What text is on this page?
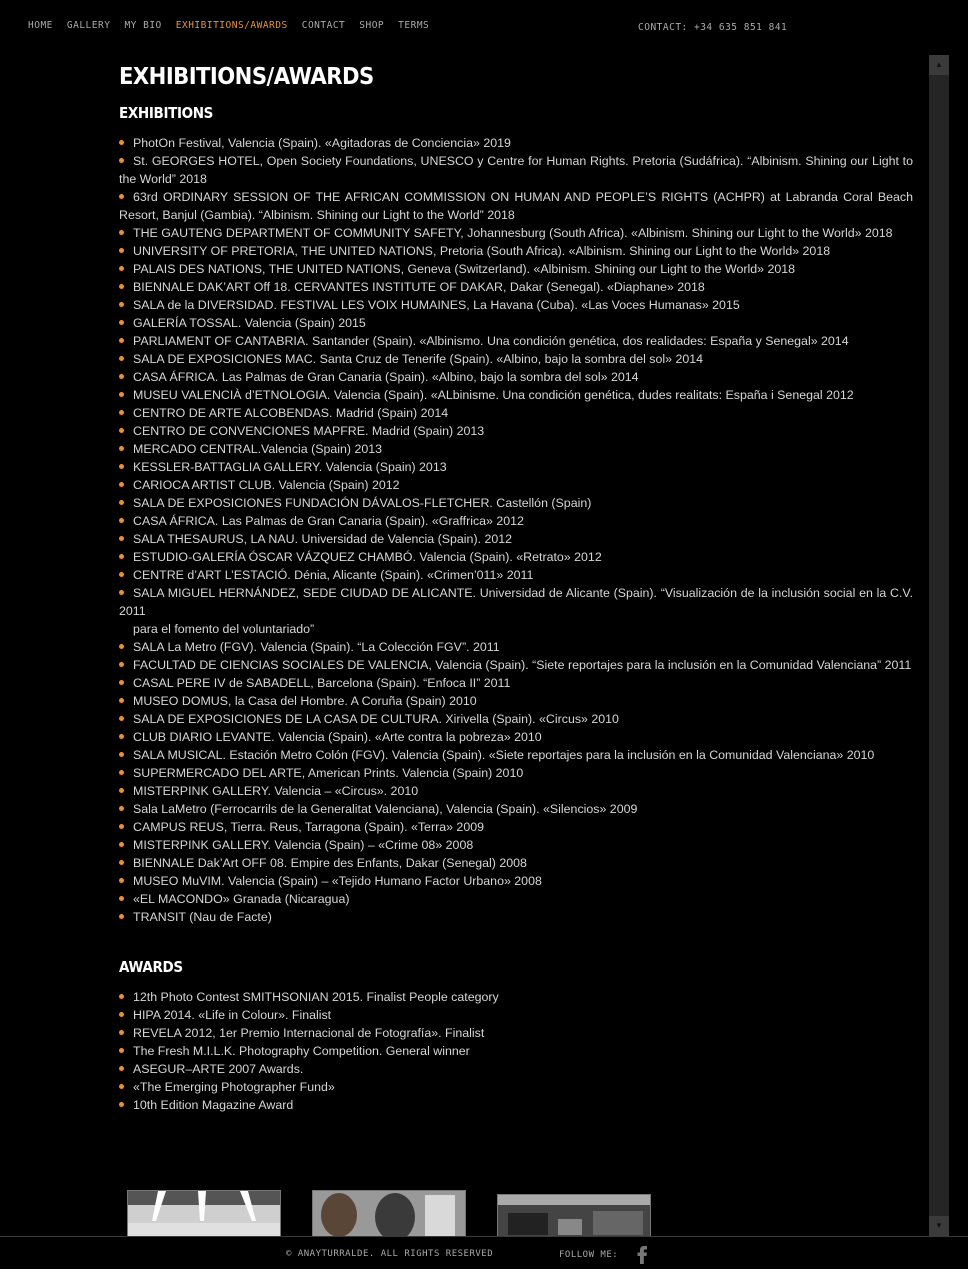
HOME GALLERY MY BIO EXHIBITIONS/AWARDS CONTACT SHOP TERMS	CONTACT: +34 635 851 841
EXHIBITIONS/AWARDS
EXHIBITIONS
PhotOn Festival, Valencia (Spain). «Agitadoras de Conciencia» 2019
St. GEORGES HOTEL, Open Society Foundations, UNESCO y Centre for Human Rights. Pretoria (Sudáfrica). “Albinism. Shining our Light to the World” 2018
63rd ORDINARY SESSION OF THE AFRICAN COMMISSION ON HUMAN AND PEOPLE’S RIGHTS (ACHPR) at Labranda Coral Beach Resort, Banjul (Gambia). “Albinism. Shining our Light to the World” 2018
THE GAUTENG DEPARTMENT OF COMMUNITY SAFETY, Johannesburg (South Africa). «Albinism. Shining our Light to the World» 2018
UNIVERSITY OF PRETORIA, THE UNITED NATIONS, Pretoria (South Africa). «Albinism. Shining our Light to the World» 2018
PALAIS DES NATIONS, THE UNITED NATIONS, Geneva (Switzerland). «Albinism. Shining our Light to the World» 2018
BIENNALE DAK’ART Off 18. CERVANTES INSTITUTE OF DAKAR, Dakar (Senegal). «Diaphane» 2018
SALA de la DIVERSIDAD. FESTIVAL LES VOIX HUMAINES, La Havana (Cuba). «Las Voces Humanas» 2015
GALERÍA TOSSAL. Valencia (Spain) 2015
PARLIAMENT OF CANTABRIA. Santander (Spain). «Albinismo. Una condición genética, dos realidades: España y Senegal» 2014
SALA DE EXPOSICIONES MAC. Santa Cruz de Tenerife (Spain). «Albino, bajo la sombra del sol» 2014
CASA ÁFRICA. Las Palmas de Gran Canaria (Spain). «Albino, bajo la sombra del sol» 2014
MUSEU VALENCIÀ d’ETNOLOGIA. Valencia (Spain). «ALbinisme. Una condición genética, dudes realitats: España i Senegal 2012
CENTRO DE ARTE ALCOBENDAS. Madrid (Spain) 2014
CENTRO DE CONVENCIONES MAPFRE. Madrid (Spain) 2013
MERCADO CENTRAL.Valencia (Spain) 2013
KESSLER-BATTAGLIA GALLERY. Valencia (Spain) 2013
CARIOCA ARTIST CLUB. Valencia (Spain) 2012
SALA DE EXPOSICIONES FUNDACIÓN DÁVALOS-FLETCHER. Castellón (Spain)
CASA ÁFRICA. Las Palmas de Gran Canaria (Spain). «Graffrica» 2012
SALA THESAURUS, LA NAU. Universidad de Valencia (Spain). 2012
ESTUDIO-GALERÍA ÓSCAR VÁZQUEZ CHAMBÓ. Valencia (Spain). «Retrato» 2012
CENTRE d’ART L’ESTACIÓ. Dénia, Alicante (Spain). «Crimen’011» 2011
SALA MIGUEL HERNÁNDEZ, SEDE CIUDAD DE ALICANTE. Universidad de Alicante (Spain). “Visualización de la inclusión social en la C.V. 2011
para el fomento del voluntariado”
SALA La Metro (FGV). Valencia (Spain). “La Colección FGV”. 2011
FACULTAD DE CIENCIAS SOCIALES DE VALENCIA, Valencia (Spain). “Siete reportajes para la inclusión en la Comunidad Valenciana” 2011
CASAL PERE IV de SABADELL, Barcelona (Spain). “Enfoca II” 2011
MUSEO DOMUS, la Casa del Hombre. A Coruña (Spain) 2010
SALA DE EXPOSICIONES DE LA CASA DE CULTURA. Xirivella (Spain). «Circus» 2010
CLUB DIARIO LEVANTE. Valencia (Spain). «Arte contra la pobreza» 2010
SALA MUSICAL. Estación Metro Colón (FGV). Valencia (Spain). «Siete reportajes para la inclusión en la Comunidad Valenciana» 2010
SUPERMERCADO DEL ARTE, American Prints. Valencia (Spain) 2010
MISTERPINK GALLERY. Valencia – «Circus». 2010
Sala LaMetro (Ferrocarrils de la Generalitat Valenciana), Valencia (Spain). «Silencios» 2009
CAMPUS REUS, Tierra. Reus, Tarragona (Spain). «Terra» 2009
MISTERPINK GALLERY. Valencia (Spain) – «Crime 08» 2008
BIENNALE Dak’Art OFF 08. Empire des Enfants, Dakar (Senegal) 2008
MUSEO MuVIM. Valencia (Spain) – «Tejido Humano Factor Urbano» 2008
«EL MACONDO» Granada (Nicaragua)
TRANSIT (Nau de Facte)
AWARDS
12th Photo Contest SMITHSONIAN 2015. Finalist People category
HIPA 2014. «Life in Colour». Finalist
REVELA 2012, 1er Premio Internacional de Fotografía». Finalist
The Fresh M.I.L.K. Photography Competition. General winner
ASEGUR–ARTE 2007 Awards.
«The Emerging Photographer Fund»
10th Edition Magazine Award
▲
▼
© ANAYTURRALDE. ALL RIGHTS RESERVED	FOLLOW ME:
